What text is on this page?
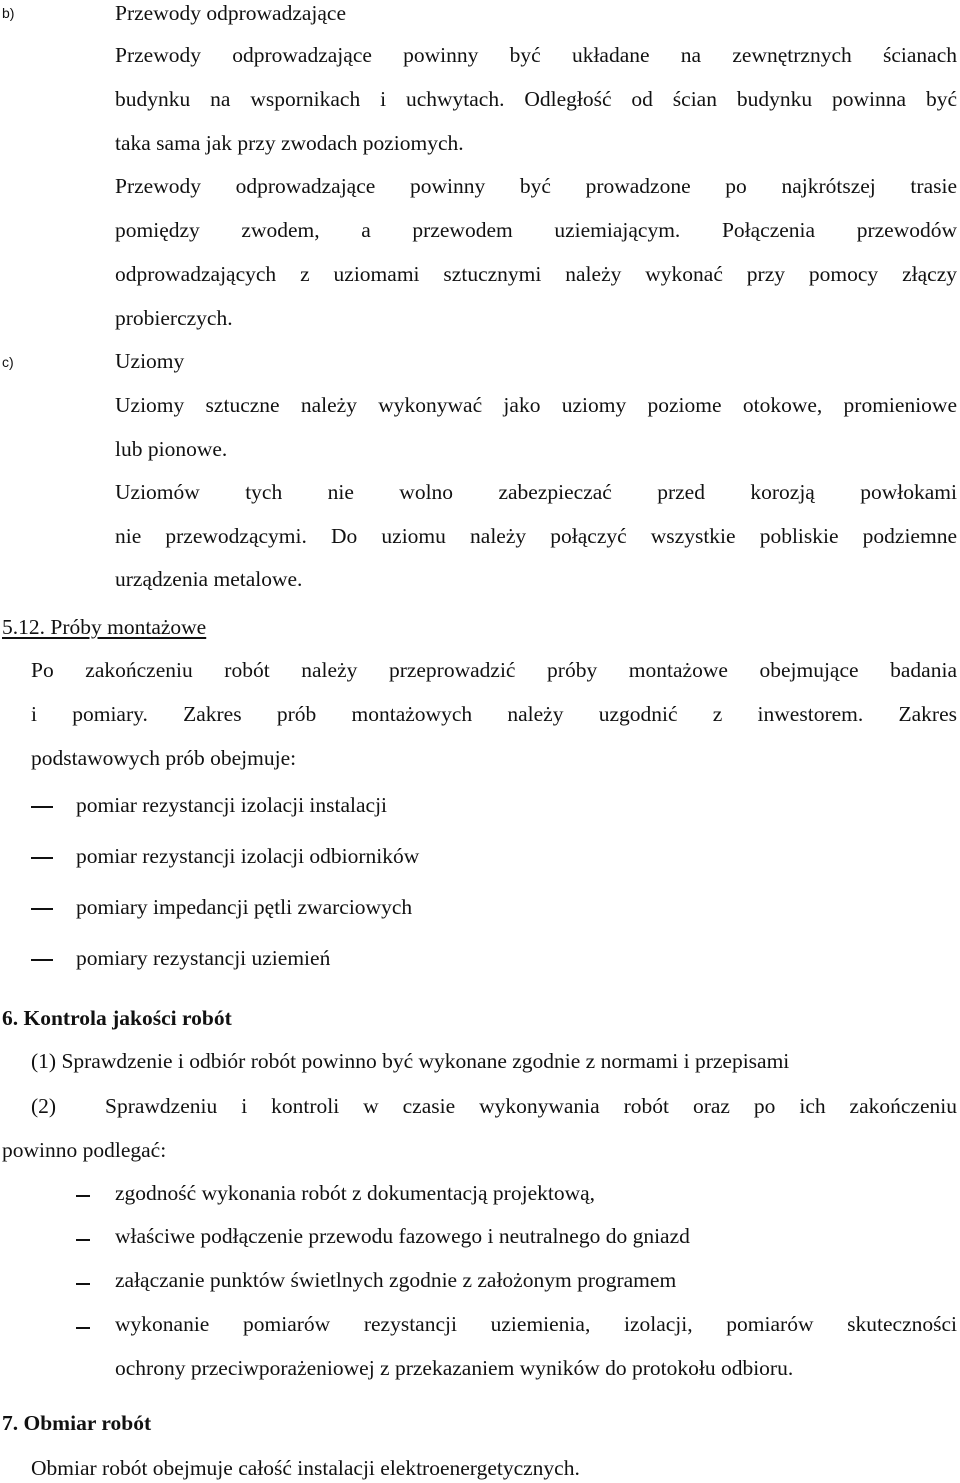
b)	Przewody odprowadzające
Przewody odprowadzające powinny być układane na zewnętrznych ścianach
budynku na wspornikach i uchwytach. Odległość od ścian budynku powinna być
taka sama jak przy zwodach poziomych.
Przewody odprowadzające powinny być prowadzone po najkrótszej trasie
pomiędzy zwodem, a przewodem uziemiającym. Połączenia przewodów
odprowadzających z uziomami sztucznymi należy wykonać przy pomocy złączy
probierczych.
c)	Uziomy
Uziomy sztuczne należy wykonywać jako uziomy poziome otokowe, promieniowe
lub pionowe.
Uziomów tych nie wolno zabezpieczać przed korozją powłokami
nie przewodzącymi. Do uziomu należy połączyć wszystkie pobliskie podziemne
urządzenia metalowe.
5.12. Próby montażowe
Po zakończeniu robót należy przeprowadzić próby montażowe obejmujące badania
i pomiary. Zakres prób montażowych należy uzgodnić z inwestorem. Zakres
podstawowych prób obejmuje:
pomiar rezystancji izolacji instalacji
pomiar rezystancji izolacji odbiorników
pomiary impedancji pętli zwarciowych
pomiary rezystancji uziemień
6. Kontrola jakości robót
(1) Sprawdzenie i odbiór robót powinno być wykonane zgodnie z normami i przepisami
(2) Sprawdzeniu i kontroli w czasie wykonywania robót oraz po ich zakończeniu
powinno podlegać:
zgodność wykonania robót z dokumentacją projektową,
właściwe podłączenie przewodu fazowego i neutralnego do gniazd
załączanie punktów świetlnych zgodnie z założonym programem
wykonanie pomiarów rezystancji uziemienia, izolacji, pomiarów skuteczności
ochrony przeciwporażeniowej z przekazaniem wyników do protokołu odbioru.
7. Obmiar robót
Obmiar robót obejmuje całość instalacji elektroenergetycznych.
